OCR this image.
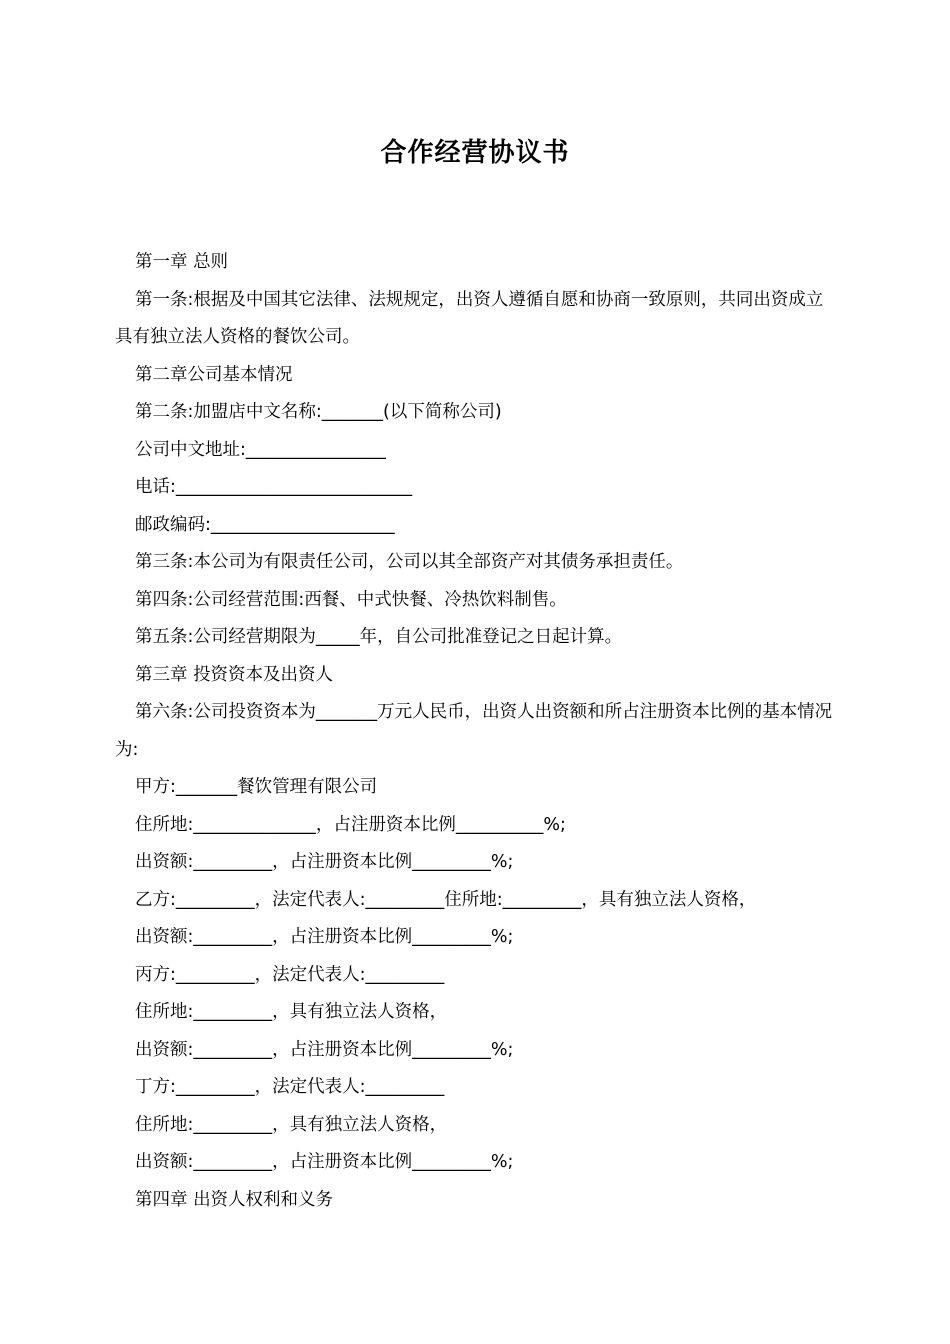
合作经营协议书

第一章 总则

第一条:根据及中国其它法律、法规规定，出资人遵循自愿和协商一致原则，共同出资成立具有独立法人资格的餐饮公司。

第二章公司基本情况

第二条:加盟店中文名称:_______(以下简称公司)

公司中文地址:________________

电话:___________________________

邮政编码:_____________________

第三条:本公司为有限责任公司，公司以其全部资产对其债务承担责任。

第四条:公司经营范围:西餐、中式快餐、冷热饮料制售。

第五条:公司经营期限为_____年，自公司批准登记之日起计算。

第三章 投资资本及出资人

第六条:公司投资资本为_______万元人民币，出资人出资额和所占注册资本比例的基本情况为:

甲方:_______餐饮管理有限公司

住所地:______________，占注册资本比例__________%;

出资额:_________，占注册资本比例_________%;

乙方:_________，法定代表人:_________住所地:_________，具有独立法人资格，

出资额:_________，占注册资本比例_________%;

丙方:_________，法定代表人:_________

住所地:_________，具有独立法人资格，

出资额:_________，占注册资本比例_________%;

丁方:_________，法定代表人:_________

住所地:_________，具有独立法人资格，

出资额:_________，占注册资本比例_________%;

第四章 出资人权利和义务
